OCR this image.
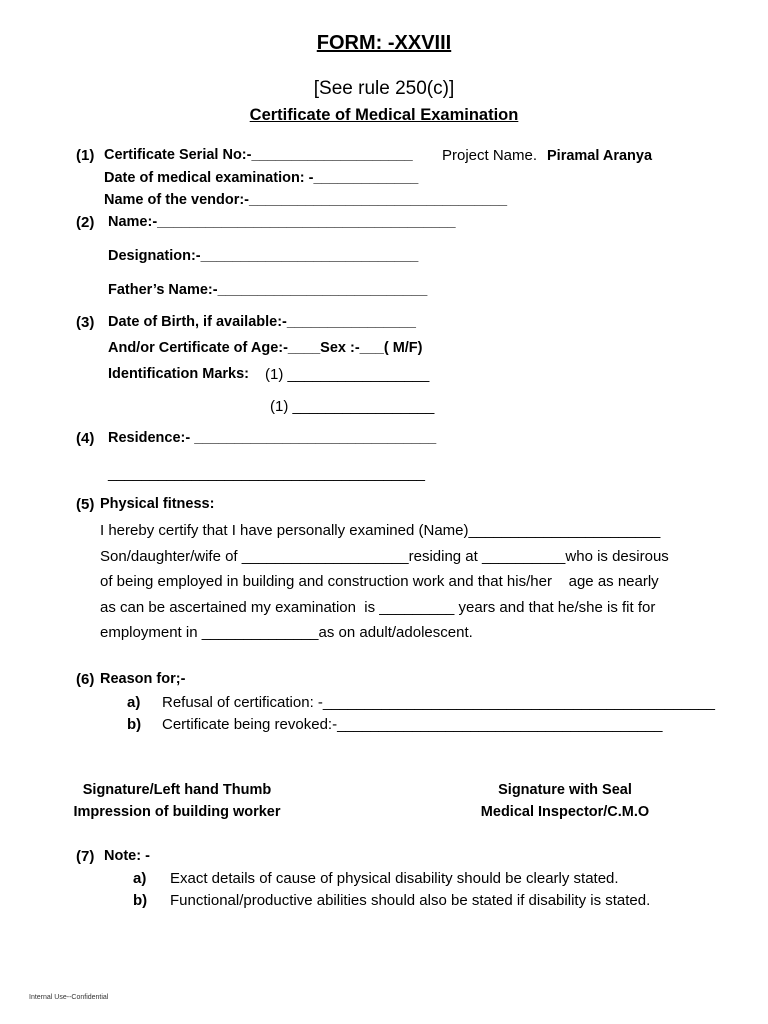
FORM: -XXVIII
[See rule 250(c)]
Certificate of Medical Examination
(1) Certificate Serial No:-____________________ Project Name. Piramal Aranya
Date of medical examination: -_____________
Name of the vendor:-________________________________
(2) Name:-_____________________________________
Designation:-___________________________
Father’s Name:-__________________________
(3) Date of Birth, if available:-________________
And/or Certificate of Age:-____Sex :-___( M/F)
Identification Marks: (1) _________________
(1) _________________
(4) Residence:- ______________________________
______________________________________
(5) Physical fitness:
I hereby certify that I have personally examined (Name)_______________________
Son/daughter/wife of ____________________residing at __________who is desirous
of being employed in building and construction work and that his/her    age as nearly
as can be ascertained my examination  is _________ years and that he/she is fit for
employment in ______________as on adult/adolescent.
(6) Reason for;-
a) Refusal of certification: -_______________________________________________
b) Certificate being revoked:-_______________________________________
Signature/Left hand Thumb
Impression of building worker
Signature with Seal
Medical Inspector/C.M.O
(7) Note: -
a) Exact details of cause of physical disability should be clearly stated.
b) Functional/productive abilities should also be stated if disability is stated.
Internal Use--Confidential
